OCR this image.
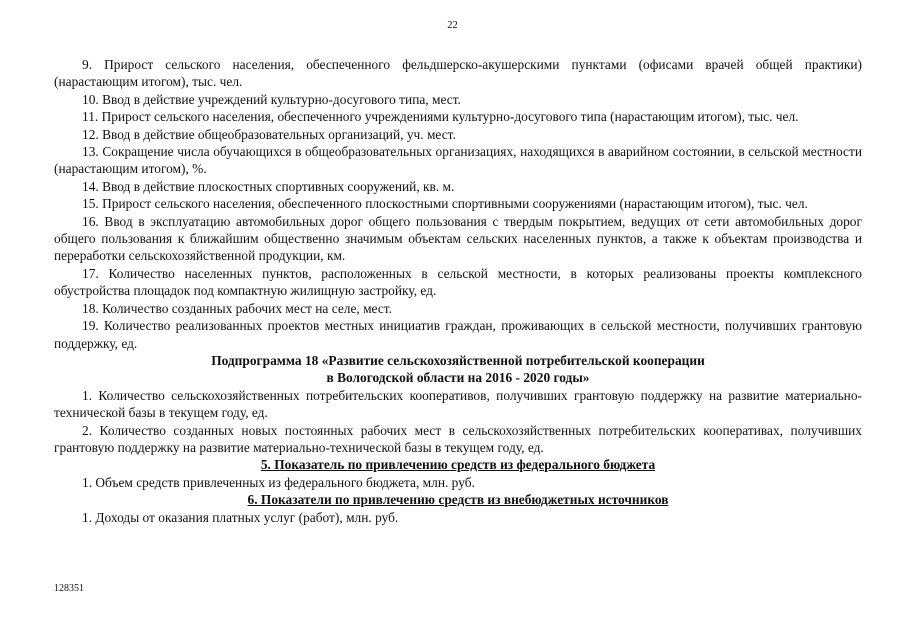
22

9. Прирост сельского населения, обеспеченного фельдшерско-акушерскими пунктами (офисами врачей общей практики) (нарастающим итогом), тыс. чел.

10. Ввод в действие учреждений культурно-досугового типа, мест.

11. Прирост сельского населения, обеспеченного учреждениями культурно-досугового типа (нарастающим итогом), тыс. чел.

12. Ввод в действие общеобразовательных организаций, уч. мест.

13. Сокращение числа обучающихся в общеобразовательных организациях, находящихся в аварийном состоянии, в сельской местности (нарастающим итогом), %.

14. Ввод в действие плоскостных спортивных сооружений, кв. м.

15. Прирост сельского населения, обеспеченного плоскостными спортивными сооружениями (нарастающим итогом), тыс. чел.

16. Ввод в эксплуатацию автомобильных дорог общего пользования с твердым покрытием, ведущих от сети автомобильных дорог общего пользования к ближайшим общественно значимым объектам сельских населенных пунктов, а также к объектам производства и переработки сельскохозяйственной продукции, км.

17. Количество населенных пунктов, расположенных в сельской местности, в которых реализованы проекты комплексного обустройства площадок под компактную жилищную застройку, ед.

18. Количество созданных рабочих мест на селе, мест.

19. Количество реализованных проектов местных инициатив граждан, проживающих в сельской местности, получивших грантовую поддержку, ед.

Подпрограмма 18 «Развитие сельскохозяйственной потребительской кооперации
в Вологодской области на 2016 - 2020 годы»

1. Количество сельскохозяйственных потребительских кооперативов, получивших грантовую поддержку на развитие материально-технической базы в текущем году, ед.

2. Количество созданных новых постоянных рабочих мест в сельскохозяйственных потребительских кооперативах, получивших грантовую поддержку на развитие материально-технической базы в текущем году, ед.

5. Показатель по привлечению средств из федерального бюджета

1. Объем средств привлеченных из федерального бюджета, млн. руб.

6. Показатели по привлечению средств из внебюджетных источников

1. Доходы от оказания платных услуг (работ), млн. руб.

128351
